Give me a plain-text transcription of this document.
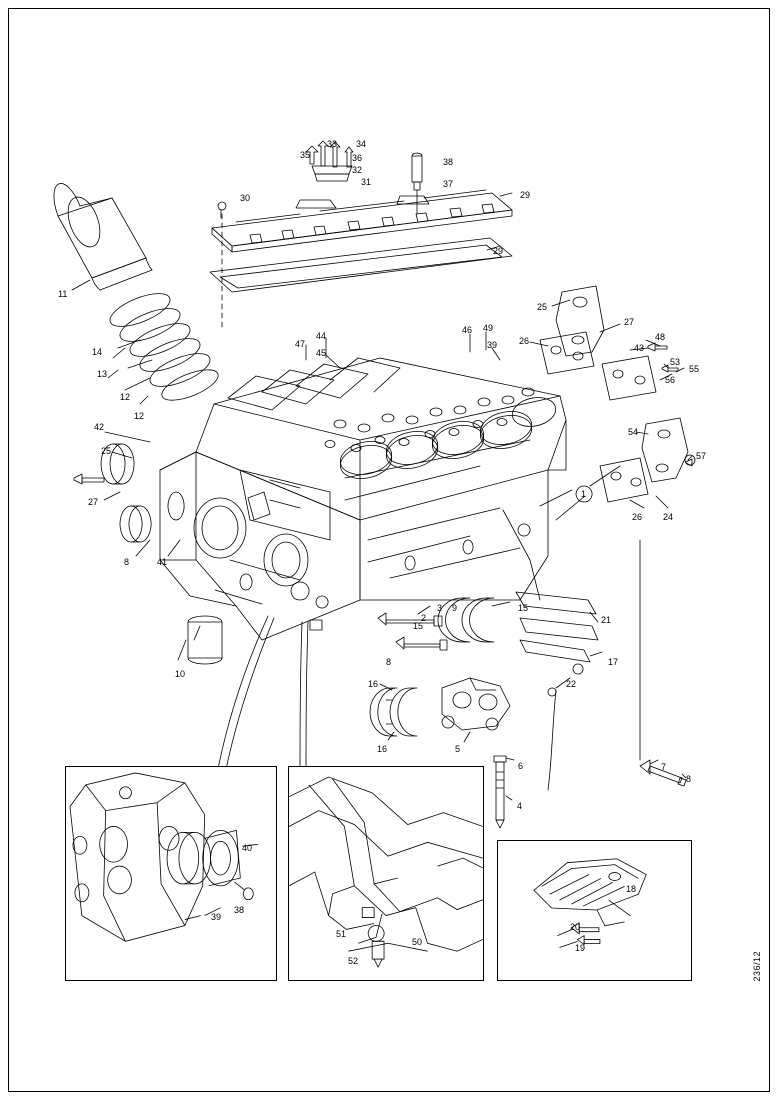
236/12
33 34
35	36
32
31
38
37
30	29
29
11
14
13
12
12
42
25
27
8	41
10
47
44
45
46 49
39
25
26
27
43
48
53
55
56
54
57
1
26 24
2
3 9	15
15
8
21
17
22
16
16	5
6
4
7
8
40
38
39
51
50
52
18
20
19
